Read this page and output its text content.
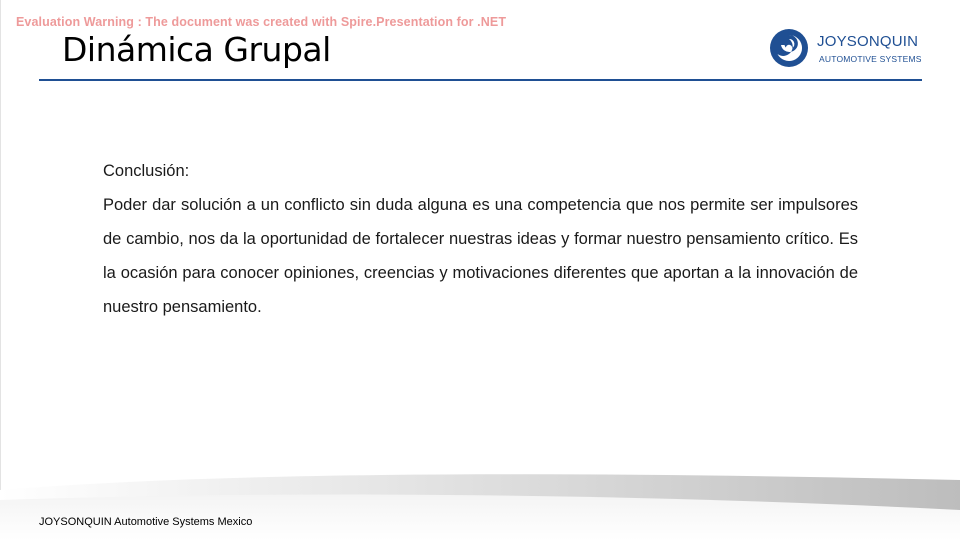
Evaluation Warning : The document was created with Spire.Presentation for .NET
Dinámica Grupal	JOYSONQUIN
AUTOMOTIVE SYSTEMS
Conclusión:
Poder dar solución a un conflicto sin duda alguna es una competencia que nos permite ser impulsores de cambio, nos da la oportunidad de fortalecer nuestras ideas y formar nuestro pensamiento crítico. Es la ocasión para conocer opiniones, creencias y motivaciones diferentes que aportan a la innovación de nuestro pensamiento.
JOYSONQUIN Automotive Systems Mexico
